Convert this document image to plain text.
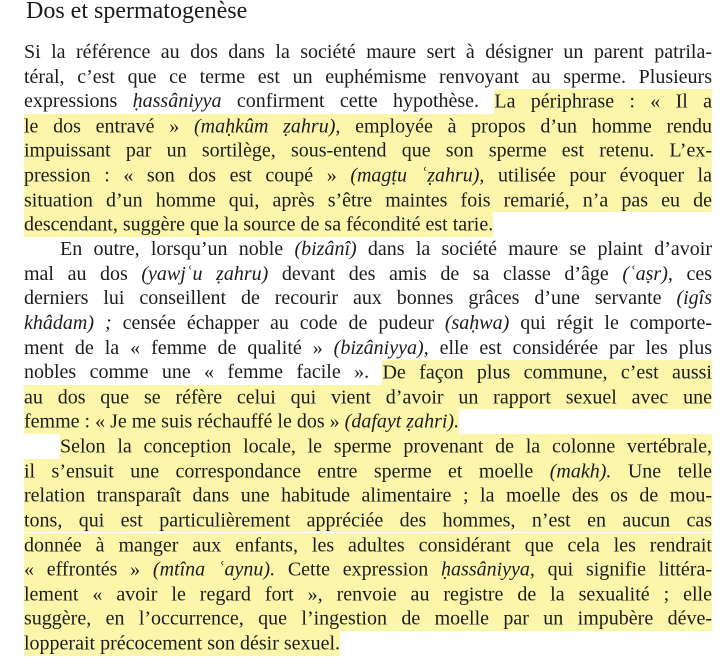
Dos et spermatogenèse
Si la référence au dos dans la société maure sert à désigner un parent patrila-
téral, c’est que ce terme est un euphémisme renvoyant au sperme. Plusieurs
expressions ḥassâniyya confirment cette hypothèse. La périphrase : « Il a
le dos entravé » (maḥkûm ẓahru), employée à propos d’un homme rendu
impuissant par un sortilège, sous-entend que son sperme est retenu. L’ex-
pression : « son dos est coupé » (magṭu ʿẓahru), utilisée pour évoquer la
situation d’un homme qui, après s’être maintes fois remarié, n’a pas eu de
descendant, suggère que la source de sa fécondité est tarie.
En outre, lorsqu’un noble (bizânî) dans la société maure se plaint d’avoir
mal au dos (yawjʿu ẓahru) devant des amis de sa classe d’âge (ʿaṣr), ces
derniers lui conseillent de recourir aux bonnes grâces d’une servante (igîs
khâdam) ; censée échapper au code de pudeur (saḥwa) qui régit le comporte-
ment de la « femme de qualité » (bizâniyya), elle est considérée par les plus
nobles comme une « femme facile ». De façon plus commune, c’est aussi
au dos que se réfère celui qui vient d’avoir un rapport sexuel avec une
femme : « Je me suis réchauffé le dos » (dafayt ẓahri).
Selon la conception locale, le sperme provenant de la colonne vertébrale,
il s’ensuit une correspondance entre sperme et moelle (makh). Une telle
relation transparaît dans une habitude alimentaire ; la moelle des os de mou-
tons, qui est particulièrement appréciée des hommes, n’est en aucun cas
donnée à manger aux enfants, les adultes considérant que cela les rendrait
« effrontés » (mtîna ʿaynu). Cette expression ḥassâniyya, qui signifie littéra-
lement « avoir le regard fort », renvoie au registre de la sexualité ; elle
suggère, en l’occurrence, que l’ingestion de moelle par un impubère déve-
lopperait précocement son désir sexuel.
